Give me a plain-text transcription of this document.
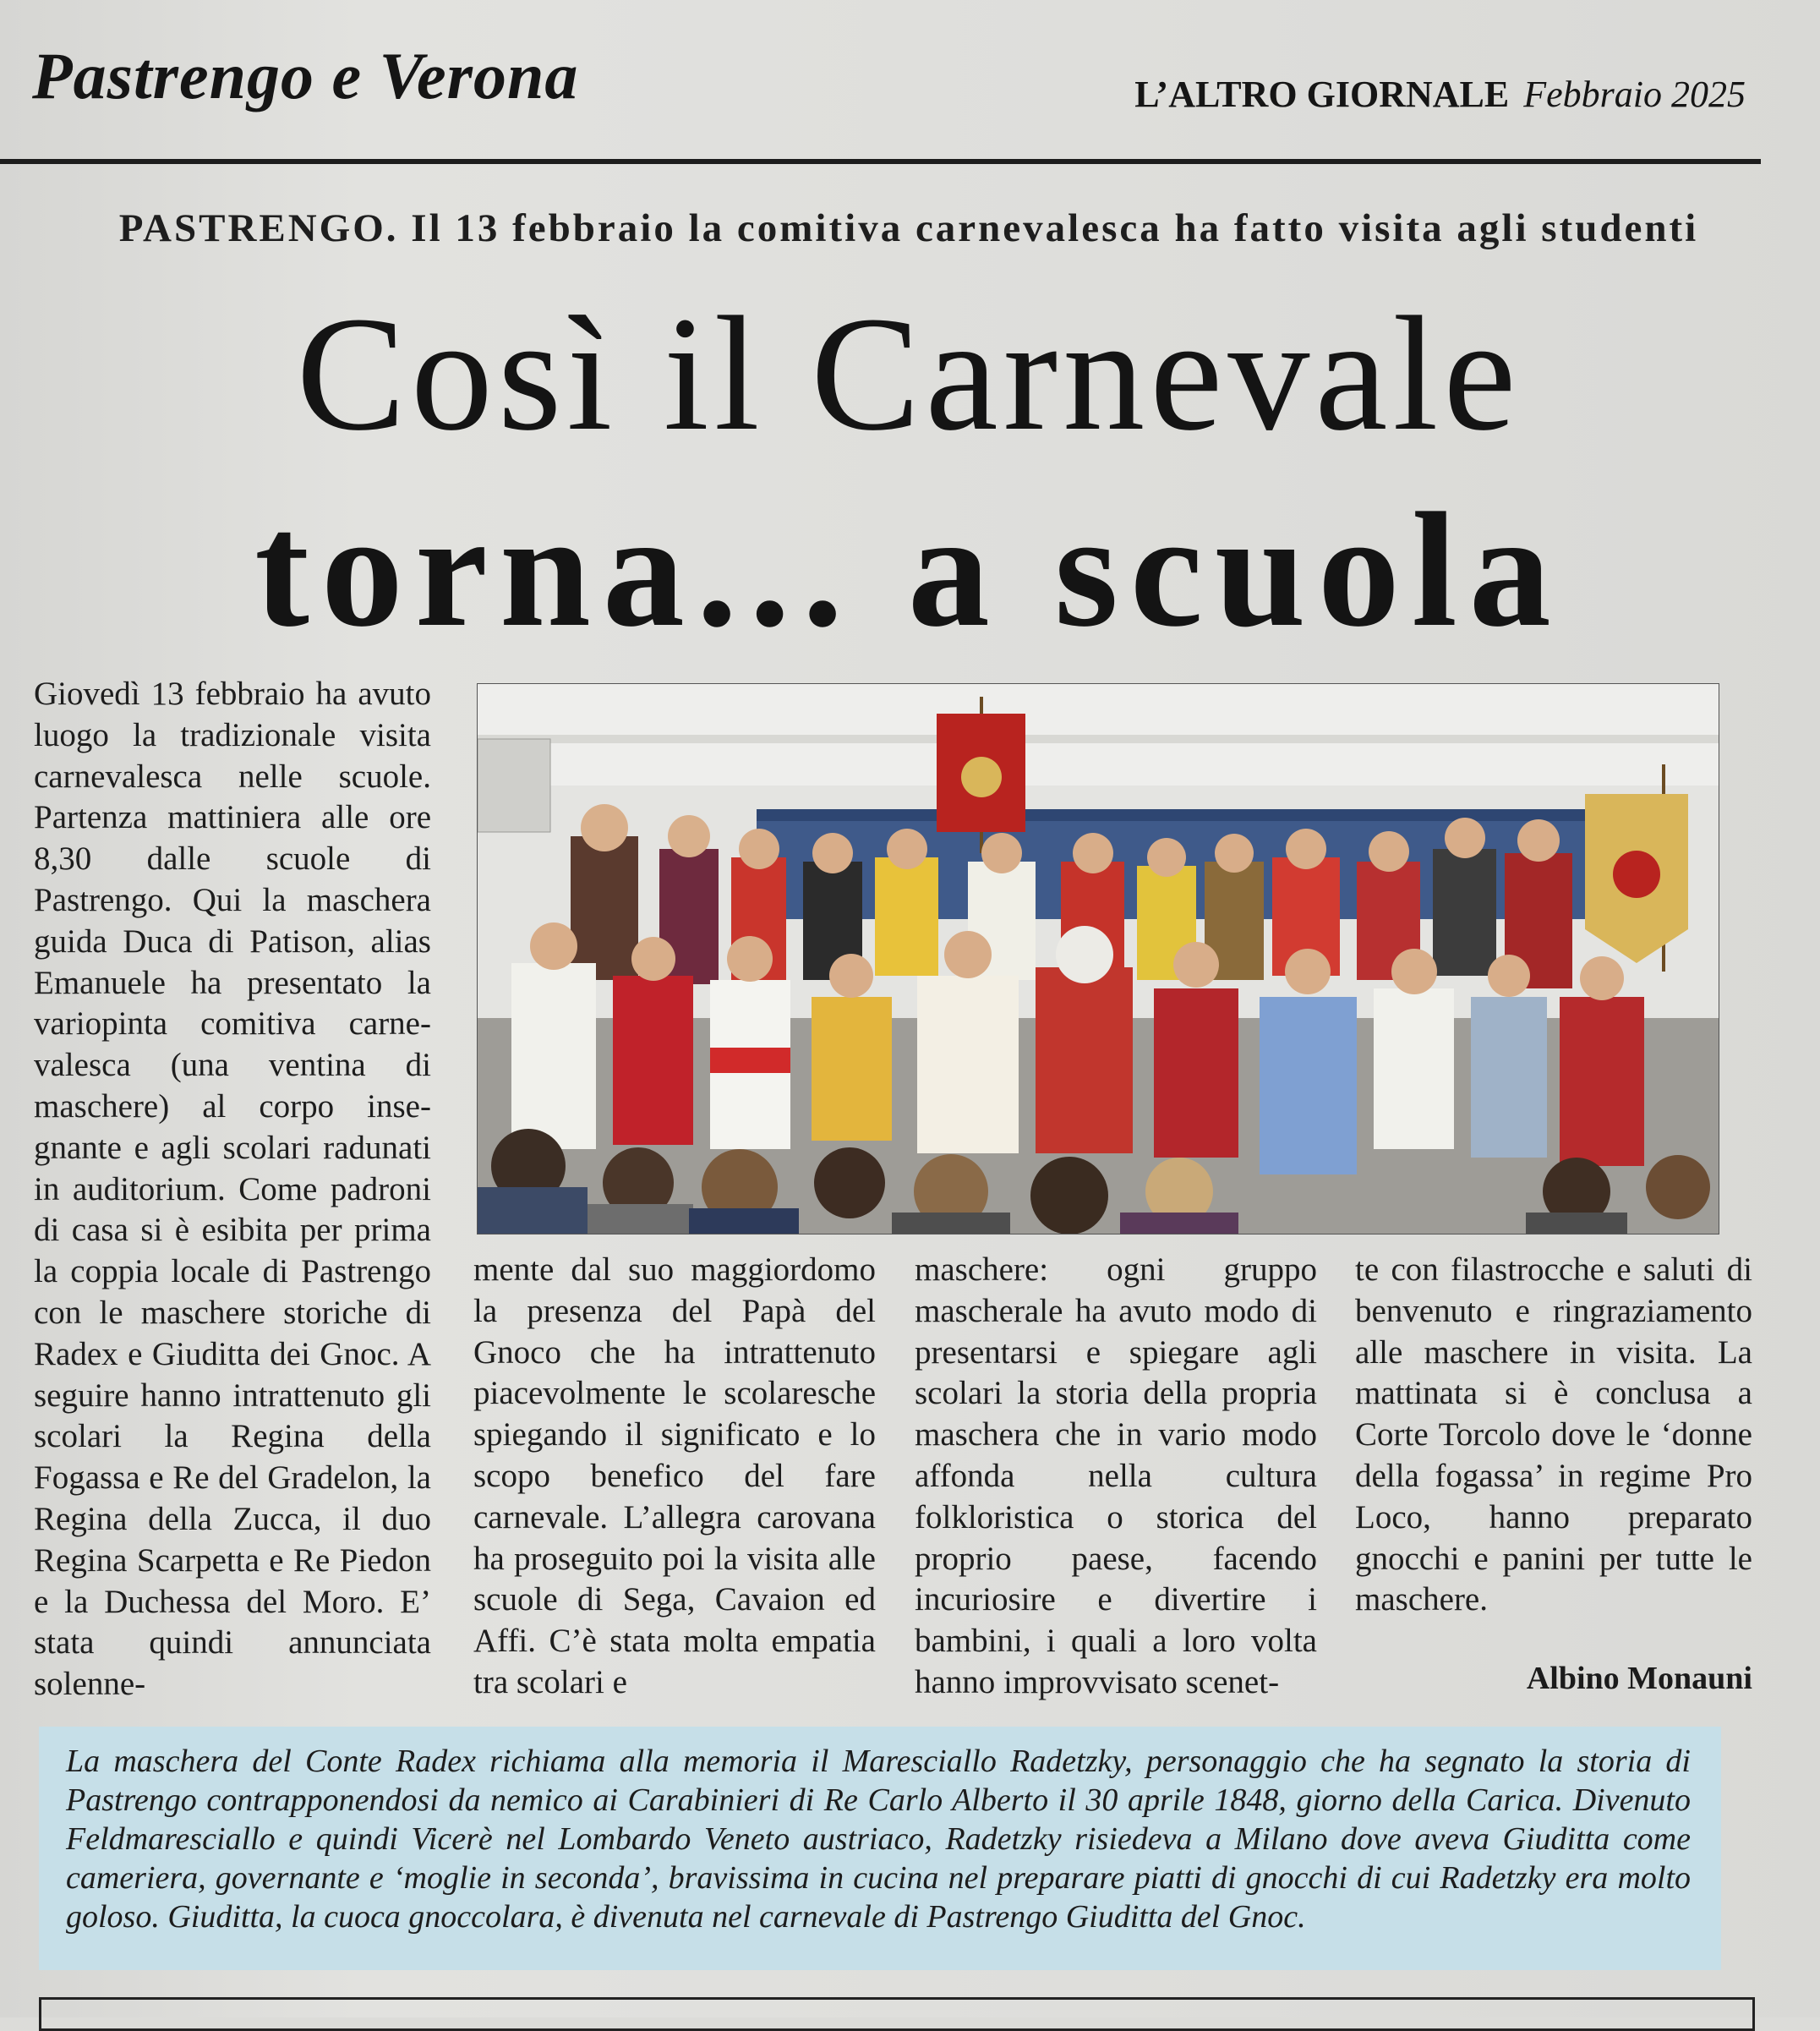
Pastrengo e Verona	L’ALTRO GIORNALE Febbraio 2025

PASTRENGO. Il 13 febbraio la comitiva carnevalesca ha fatto visita agli studenti

Così il Carnevale
torna... a scuola

Giovedì 13 febbraio ha avuto luogo la tradizionale visita carnevalesca nelle scuole. Partenza mattiniera alle ore 8,30 dalle scuole di Pastrengo. Qui la maschera guida Duca di Patison, alias Emanuele ha presentato la variopinta comitiva carnevalesca (una ventina di maschere) al corpo insegnante e agli scolari radunati in auditorium. Come padroni di casa si è esibita per prima la coppia locale di Pastrengo con le maschere storiche di Radex e Giuditta dei Gnoc. A seguire hanno intrattenuto gli scolari la Regina della Fogassa e Re del Gradelon, la Regina della Zucca, il duo Regina Scarpetta e Re Piedon e la Duchessa del Moro. E’ stata quindi annunciata solenne-

mente dal suo maggiordomo la presenza del Papà del Gnoco che ha intrattenuto piacevolmente le scolaresche spiegando il significato e lo scopo benefico del fare carnevale. L’allegra carovana ha proseguito poi la visita alle scuole di Sega, Cavaion ed Affi. C’è stata molta empatia tra scolari e

maschere: ogni gruppo mascherale ha avuto modo di presentarsi e spiegare agli scolari la storia della propria maschera che in vario modo affonda nella cultura folkloristica o storica del proprio paese, facendo incuriosire e divertire i bambini, i quali a loro volta hanno improvvisato scenet-

te con filastrocche e saluti di benvenuto e ringraziamento alle maschere in visita. La mattinata si è conclusa a Corte Torcolo dove le ‘donne della fogassa’ in regime Pro Loco, hanno preparato gnocchi e panini per tutte le maschere.

Albino Monauni

La maschera del Conte Radex richiama alla memoria il Maresciallo Radetzky, personaggio che ha segnato la storia di Pastrengo contrapponendosi da nemico ai Carabinieri di Re Carlo Alberto il 30 aprile 1848, giorno della Carica. Divenuto Feldmaresciallo e quindi Vicerè nel Lombardo Veneto austriaco, Radetzky risiedeva a Milano dove aveva Giuditta come cameriera, governante e ‘moglie in seconda’, bravissima in cucina nel preparare piatti di gnocchi di cui Radetzky era molto goloso. Giuditta, la cuoca gnoccolara, è divenuta nel carnevale di Pastrengo Giuditta del Gnoc.
